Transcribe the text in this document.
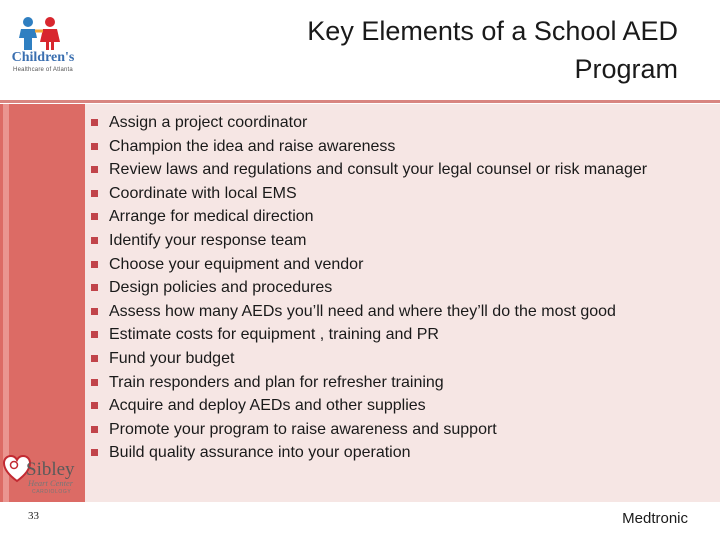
Children's
Healthcare of Atlanta
Key Elements of a School AED
Program
Assign a project coordinator
Champion the idea and raise awareness
Review laws and regulations and consult your legal counsel or risk manager
Coordinate with local EMS
Arrange for medical direction
Identify your response team
Choose your equipment and vendor
Design policies and procedures
Assess how many AEDs you’ll need and where they’ll do the most good
Estimate costs for equipment , training and PR
Fund your budget
Train responders and plan for refresher training
Acquire and deploy AEDs and other supplies
Promote your program to raise awareness and support
Build quality assurance into your operation
Sibley
Heart Center
CARDIOLOGY
33	Medtronic
